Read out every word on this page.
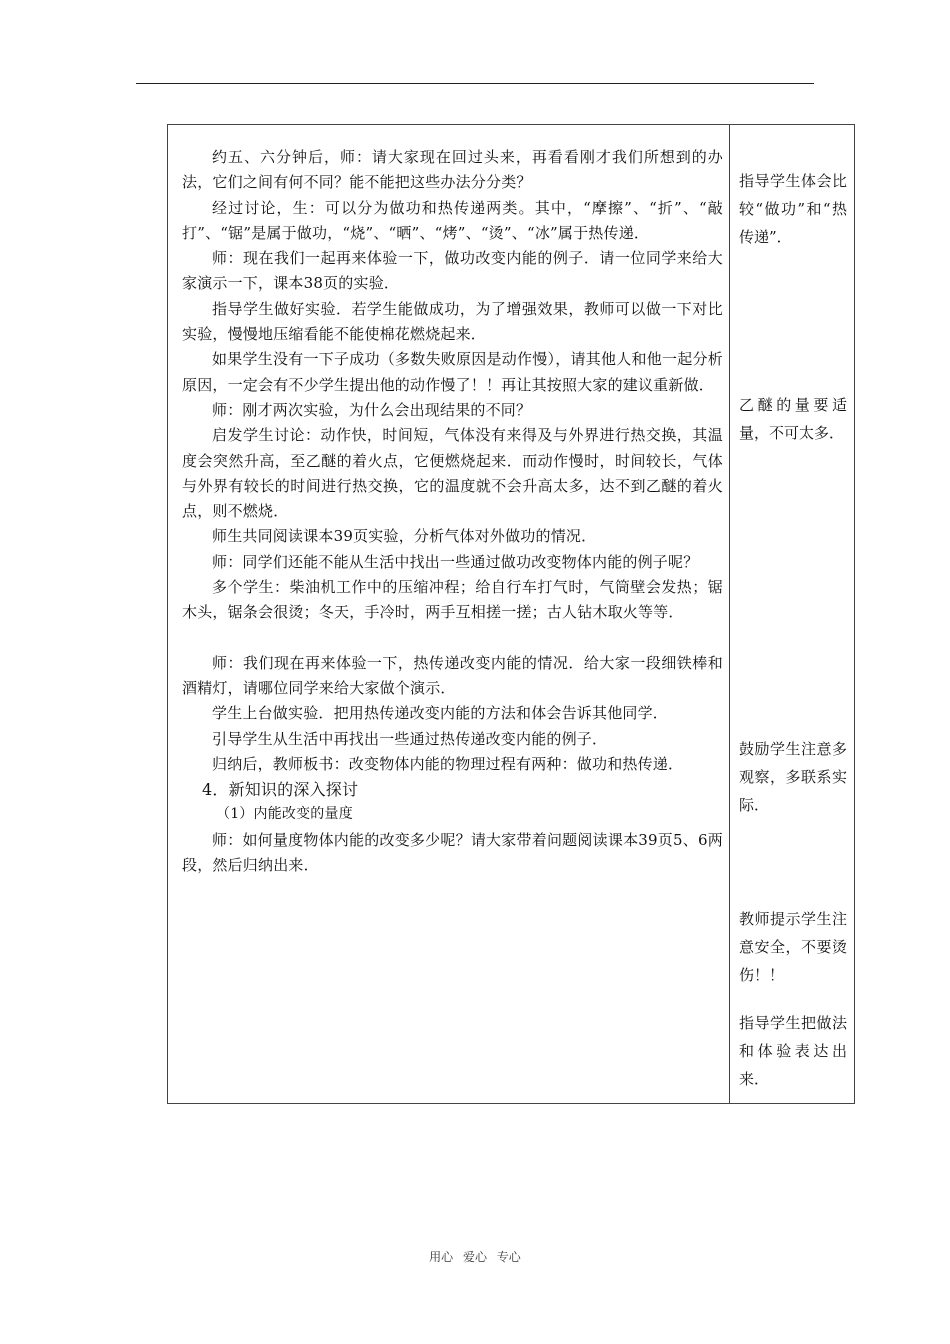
约五、六分钟后，师：请大家现在回过头来，再看看刚才我们所想到的办法，它们之间有何不同？能不能把这些办法分分类？

经过讨论，生：可以分为做功和热传递两类。其中，“摩擦”、“折”、“敲打”、“锯”是属于做功，“烧”、“晒”、“烤”、“烫”、“冰”属于热传递．

师：现在我们一起再来体验一下，做功改变内能的例子．请一位同学来给大家演示一下，课本38页的实验．

指导学生做好实验．若学生能做成功，为了增强效果，教师可以做一下对比实验，慢慢地压缩看能不能使棉花燃烧起来．

如果学生没有一下子成功（多数失败原因是动作慢），请其他人和他一起分析原因，一定会有不少学生提出他的动作慢了！！再让其按照大家的建议重新做．

师：刚才两次实验，为什么会出现结果的不同？

启发学生讨论：动作快，时间短，气体没有来得及与外界进行热交换，其温度会突然升高，至乙醚的着火点，它便燃烧起来．而动作慢时，时间较长，气体与外界有较长的时间进行热交换，它的温度就不会升高太多，达不到乙醚的着火点，则不燃烧．

师生共同阅读课本39页实验，分析气体对外做功的情况．

师：同学们还能不能从生活中找出一些通过做功改变物体内能的例子呢？

多个学生：柴油机工作中的压缩冲程；给自行车打气时，气筒壁会发热；锯木头，锯条会很烫；冬天，手冷时，两手互相搓一搓；古人钻木取火等等．

师：我们现在再来体验一下，热传递改变内能的情况．给大家一段细铁棒和酒精灯，请哪位同学来给大家做个演示．

学生上台做实验．把用热传递改变内能的方法和体会告诉其他同学．

引导学生从生活中再找出一些通过热传递改变内能的例子．

归纳后，教师板书：改变物体内能的物理过程有两种：做功和热传递．

4．新知识的深入探讨

（1）内能改变的量度

师：如何量度物体内能的改变多少呢？请大家带着问题阅读课本39页5、6两段，然后归纳出来．

指导学生体会比较“做功”和“热传递”．

乙醚的量要适量，不可太多．

鼓励学生注意多观察，多联系实际．

教师提示学生注意安全，不要烫伤！！

指导学生把做法和体验表达出来．

用心 爱心 专心
